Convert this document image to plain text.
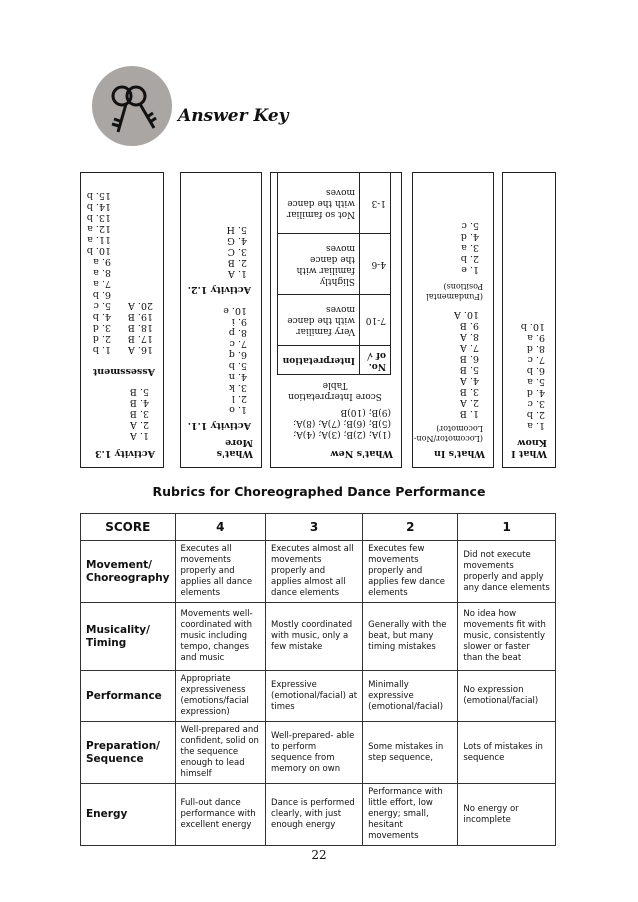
Answer Key
Activity 1.3
1. A
2. A
3. B
4. B
5. B
Assessment
16. A
17. B
18. B
19. B
20. A
1. b
2. d
3. d
4. b
5. c
6. b
7. a
8. a
9. a
10. b
11. a
12. a
13. b
14. b
15. b
What's More
Activity 1.1.
1. o
2. l
3. k
4. n
5. b
6. q
7. c
8. p
9. i
10. e
Activity 1.2.
1. A
2. B
3. C
4. G
5. H
What's New
(1)A; (2)B; (3)A; (4)A; (5)B; (6)B; (7)A; (8)A; (9)B; (10)B
Score Interpretation Table
No. of √	Interpretation
7-10	Very familiar with the dance moves
4-6	Slightly familiar with the dance moves
1-3	Not so familiar with the dance moves
What's In
(Locomotor/Non-Locomotor)
1. B
2. A
3. B
4. A
5. B
6. B
7. A
8. A
9. B
10. A
(Fundamental Positions)
1. e
2. b
3. a
4. d
5. c
What I Know
1. a
2. b
3. c
4. d
5. a
6. b
7. c
8. d
9. a
10. b
Rubrics for Choreographed Dance Performance
SCORE	4	3	2	1
Movement/ Choreography	Executes all movements properly and applies all dance elements	Executes almost all movements properly and applies almost all dance elements	Executes few movements properly and applies few dance elements	Did not execute movements properly and apply any dance elements
Musicality/ Timing	Movements well-coordinated with music including tempo, changes and music	Mostly coordinated with music, only a few mistake	Generally with the beat, but many timing mistakes	No idea how movements fit with music, consistently slower or faster than the beat
Performance	Appropriate expressiveness (emotions/facial expression)	Expressive (emotional/facial) at times	Minimally expressive (emotional/facial)	No expression (emotional/facial)
Preparation/ Sequence	Well-prepared and confident, solid on the sequence enough to lead himself	Well-prepared- able to perform sequence from memory on own	Some mistakes in step sequence,	Lots of mistakes in sequence
Energy	Full-out dance performance with excellent energy	Dance is performed clearly, with just enough energy	Performance with little effort, low energy; small, hesitant movements	No energy or incomplete
22
